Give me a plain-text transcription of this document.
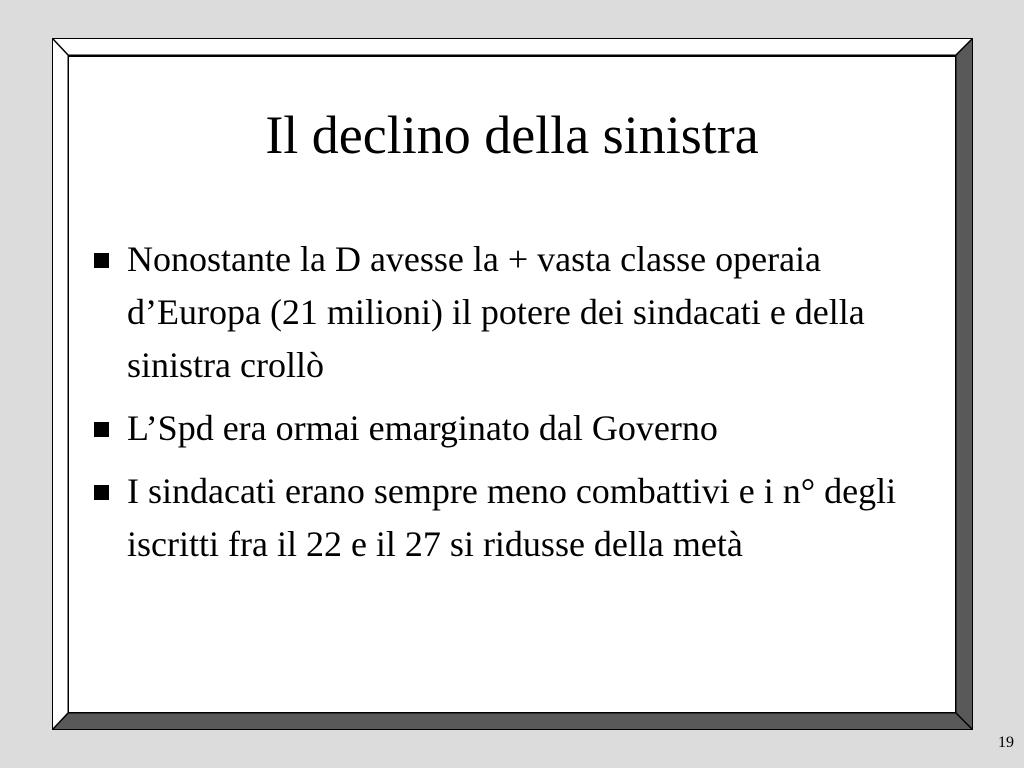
Il declino della sinistra
Nonostante la D avesse la + vasta classe operaia d’Europa (21 milioni) il potere dei sindacati e della sinistra crollò
L’Spd era ormai emarginato dal Governo
I sindacati erano sempre meno combattivi e i n° degli iscritti fra il 22 e il 27 si ridusse della metà
19
